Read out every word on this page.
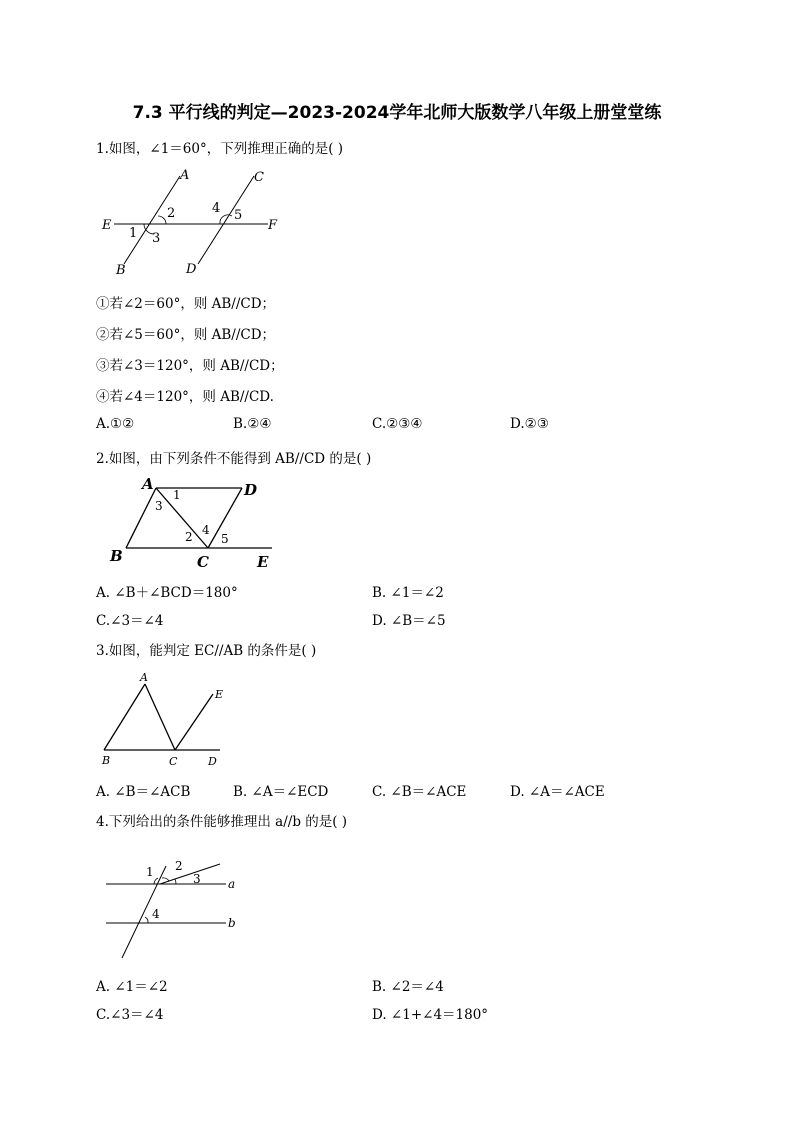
7.3 平行线的判定—2023-2024学年北师大版数学八年级上册堂堂练
1.如图，∠1＝60°，下列推理正确的是( )
A	C
E	F
B	D
1
2
3
4 5
①若∠2＝60°，则 AB//CD；
②若∠5＝60°，则 AB//CD；
③若∠3＝120°，则 AB//CD；
④若∠4＝120°，则 AB//CD.
A.①②	B.②④	C.②③④	D.②③
2.如图，由下列条件不能得到 AB//CD 的是( )
A	D
B	C	E
1
3
2 4
5
A. ∠B＋∠BCD＝180°	B. ∠1＝∠2
C.∠3＝∠4	D. ∠B＝∠5
3.如图，能判定 EC//AB 的条件是( )
A
E
B	C	D
A. ∠B＝∠ACB	B. ∠A＝∠ECD	C. ∠B＝∠ACE	D. ∠A＝∠ACE
4.下列给出的条件能够推理出 a//b 的是( )
1 2
3
4
a
b
A. ∠1＝∠2	B. ∠2＝∠4
C.∠3＝∠4	D. ∠1+∠4＝180°
